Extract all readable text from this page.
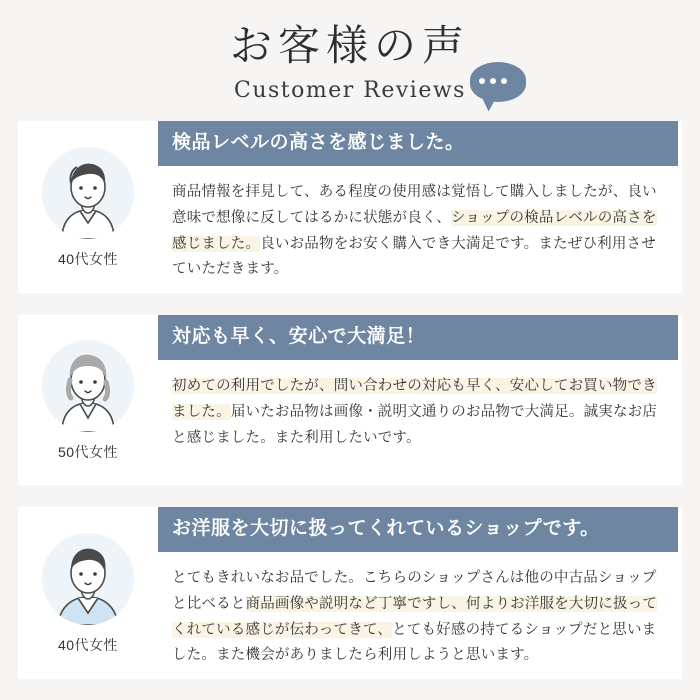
お客様の声
Customer Reviews
40代女性
検品レベルの高さを感じました。
商品情報を拝見して、ある程度の使用感は覚悟して購入しましたが、良い意味で想像に反してはるかに状態が良く、ショップの検品レベルの高さを感じました。良いお品物をお安く購入でき大満足です。またぜひ利用させていただきます。
50代女性
対応も早く、安心で大満足！
初めての利用でしたが、問い合わせの対応も早く、安心してお買い物できました。届いたお品物は画像・説明文通りのお品物で大満足。誠実なお店と感じました。また利用したいです。
40代女性
お洋服を大切に扱ってくれているショップです。
とてもきれいなお品でした。こちらのショップさんは他の中古品ショップと比べると商品画像や説明など丁寧ですし、何よりお洋服を大切に扱ってくれている感じが伝わってきて、とても好感の持てるショップだと思いました。また機会がありましたら利用しようと思います。
